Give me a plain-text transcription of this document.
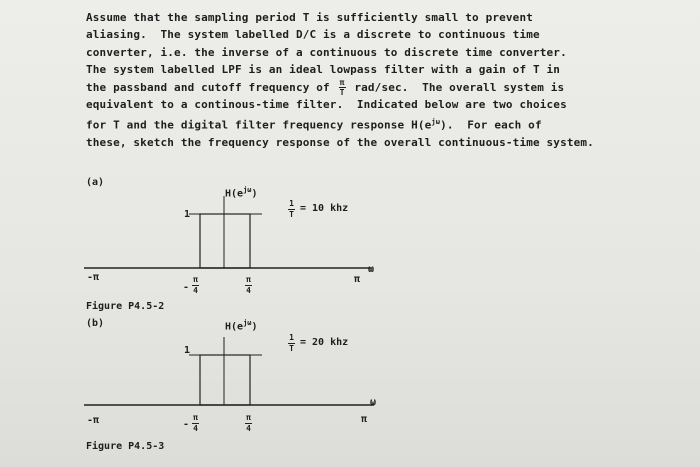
Assume that the sampling period T is sufficiently small to prevent
aliasing.  The system labelled D/C is a discrete to continuous time
converter, i.e. the inverse of a continuous to discrete time converter.
The system labelled LPF is an ideal lowpass filter with a gain of T in
the passband and cutoff frequency of $\frac{\pi}{T} rad/\sec$.  The overall system is
equivalent to a continous-time filter.  Indicated below are two choices
for T and the digital filter frequency response $H(e^{j\omega})$.  For each of
these, sketch the frequency response of the overall continuous-time system.
(a)
$H(e^{j\omega})$
1
1
T
= 10 khz
ω
-π	π
-
π
4
π
4
Figure P4.5-2
(b)	$H(e^{j\omega})$
1
1
T
= 20 khz
ω
-π	π
-
π
4
π
4
Figure P4.5-3
